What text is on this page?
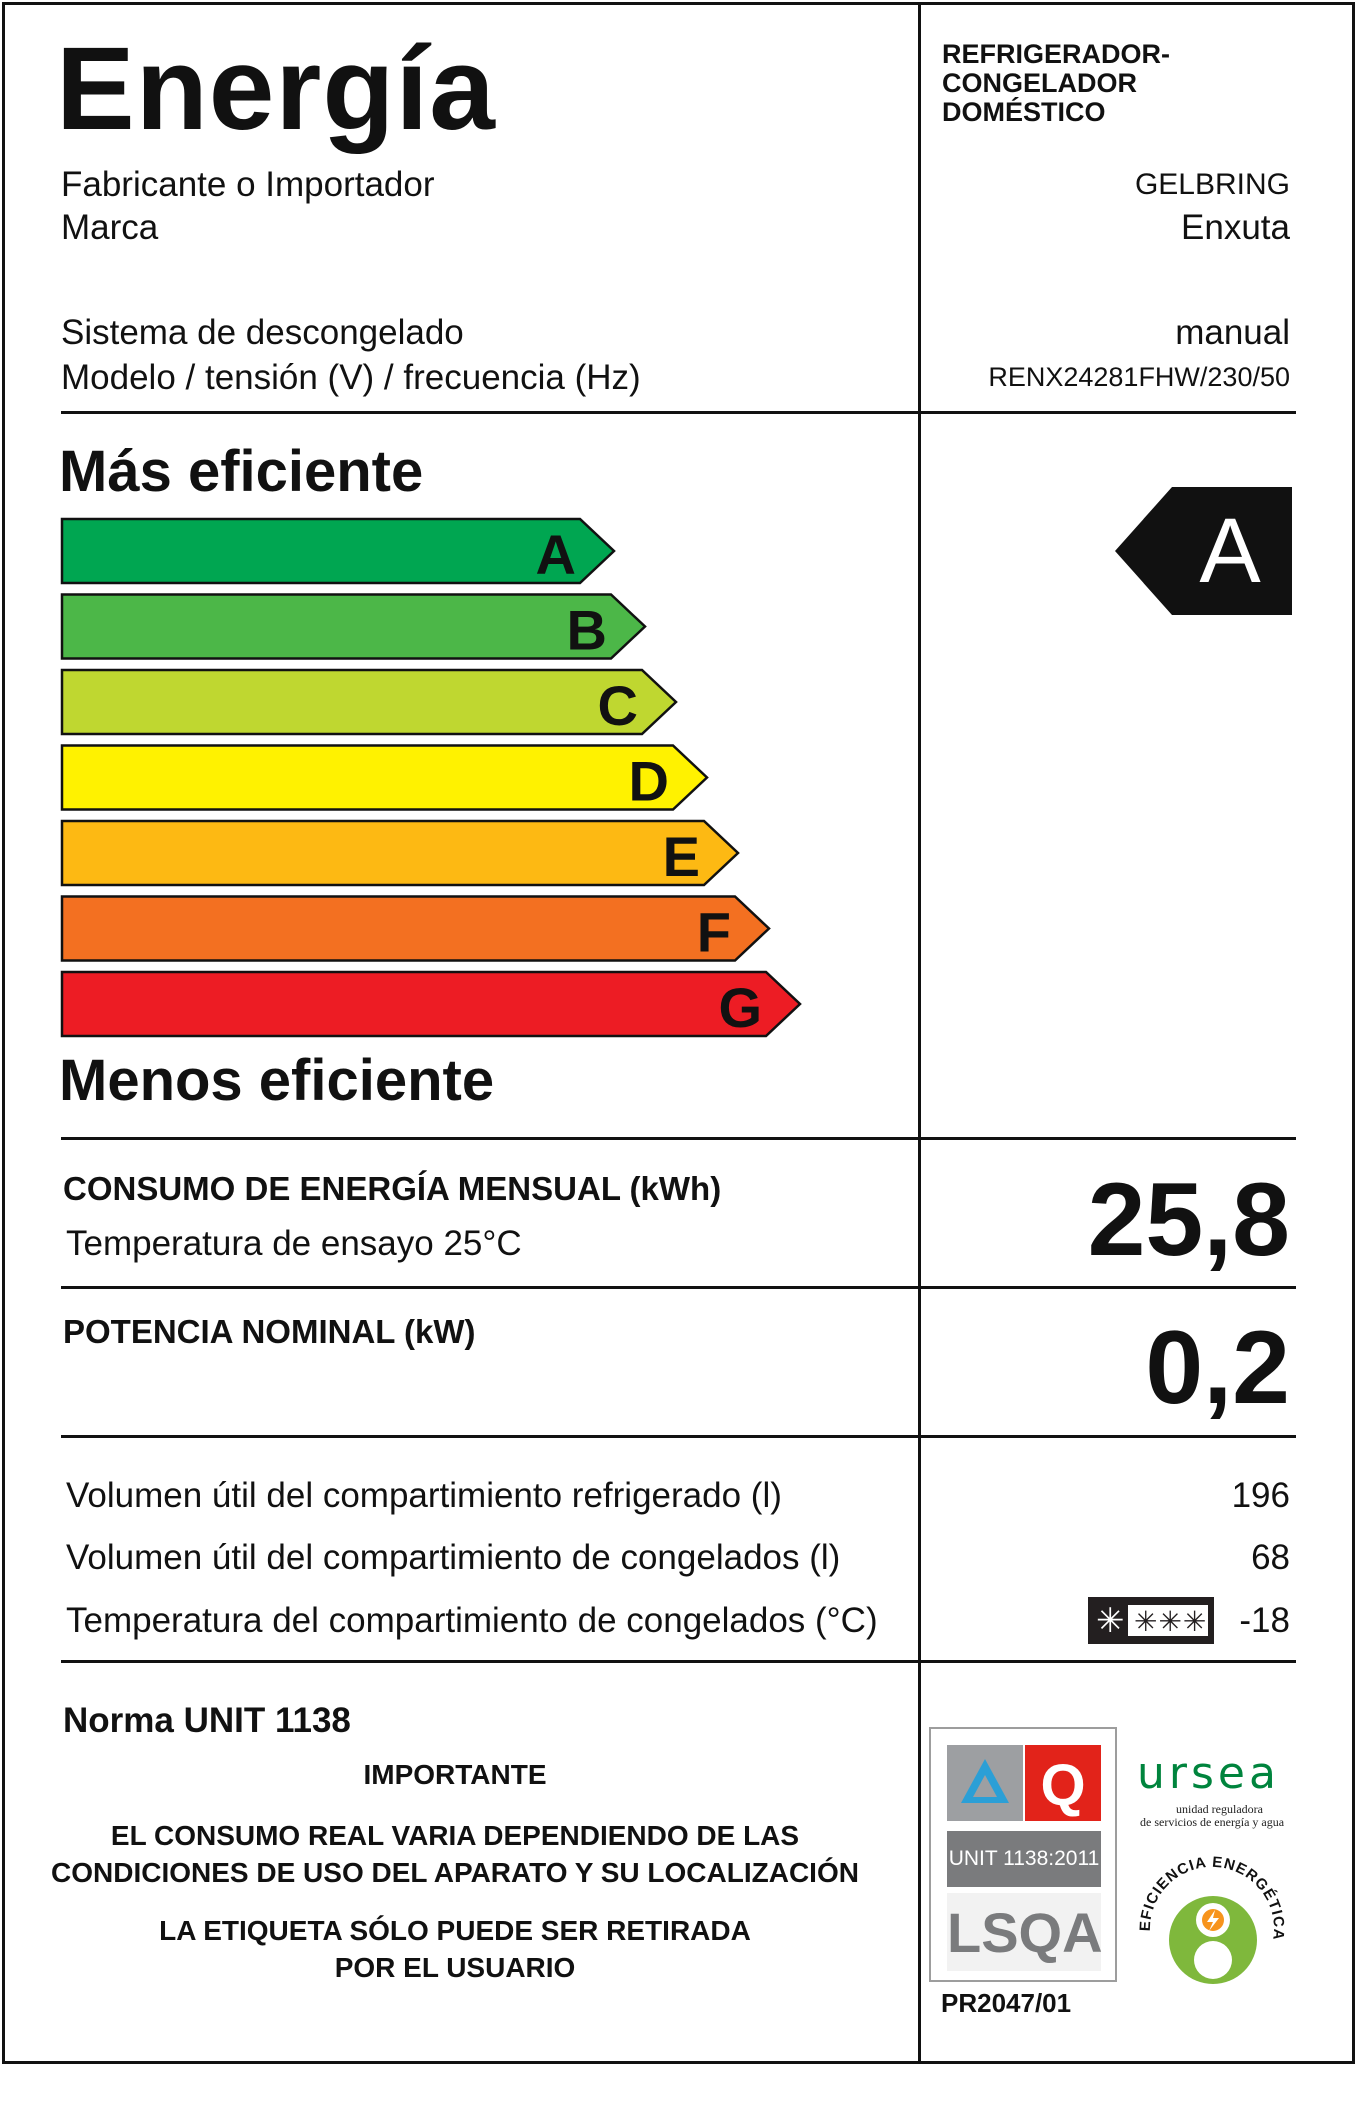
Energía	REFRIGERADOR-
CONGELADOR
DOMÉSTICO
Fabricante o Importador	GELBRING
Marca	Enxuta
Sistema de descongelado	manual
Modelo / tensión (V) / frecuencia (Hz)	RENX24281FHW/230/50
Más eficiente
A
B
C
D
E
F
G
A
Menos eficiente
CONSUMO DE ENERGÍA MENSUAL (kWh)
Temperatura de ensayo 25°C	25,8
POTENCIA NOMINAL (kW)	0,2
Volumen útil del compartimiento refrigerado (l)	196
Volumen útil del compartimiento de congelados (l)	68
Temperatura del compartimiento de congelados (°C)	✳ ✳✳✳ -18
Norma UNIT 1138
IMPORTANTE
EL CONSUMO REAL VARIA DEPENDIENDO DE LAS
CONDICIONES DE USO DEL APARATO Y SU LOCALIZACIÓN
LA ETIQUETA SÓLO PUEDE SER RETIRADA
POR EL USUARIO
Q
UNIT 1138:2011
LSQA
PR2047/01
ursea
unidad reguladora
de servicios de energía y agua
EFICIENCIA ENERGÉTICA
